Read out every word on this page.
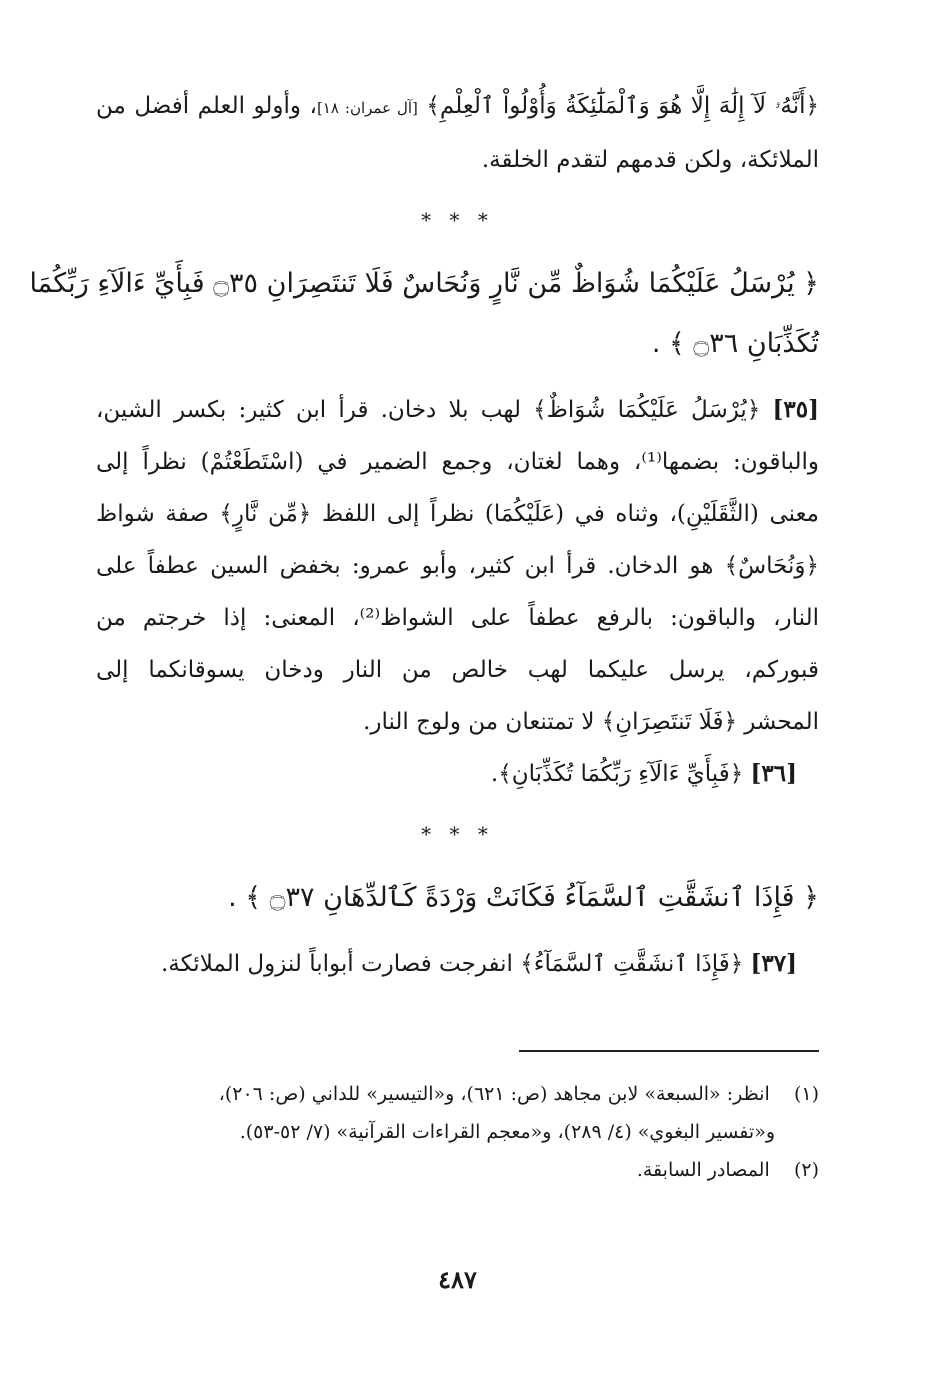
﴿أَنَّهُۥ لَآ إِلَٰهَ إِلَّا هُوَ وَٱلْمَلَٰٓئِكَةُ وَأُوْلُواْ ٱلْعِلْمِ﴾ [آل عمران: ١٨]، وأولو العلم أفضل من
الملائكة، ولكن قدمهم لتقدم الخلقة.
* * *
﴿ يُرْسَلُ عَلَيْكُمَا شُوَاظٌ مِّن نَّارٍ وَنُحَاسٌ فَلَا تَنتَصِرَانِ ۝٣٥ فَبِأَيِّ ءَالَآءِ رَبِّكُمَا
تُكَذِّبَانِ ۝٣٦ ﴾ .
[٣٥] ﴿يُرْسَلُ عَلَيْكُمَا شُوَاظٌ﴾ لهب بلا دخان. قرأ ابن كثير: بكسر الشين،
والباقون: بضمها⁽¹⁾، وهما لغتان، وجمع الضمير في (اسْتَطَعْتُمْ) نظراً إلى
معنى (الثَّقَلَيْنِ)، وثناه في (عَلَيْكُمَا) نظراً إلى اللفظ ﴿مِّن نَّارٍ﴾ صفة شواظ
﴿وَنُحَاسٌ﴾ هو الدخان. قرأ ابن كثير، وأبو عمرو: بخفض السين عطفاً على
النار، والباقون: بالرفع عطفاً على الشواظ⁽²⁾، المعنى: إذا خرجتم من
قبوركم، يرسل عليكما لهب خالص من النار ودخان يسوقانكما إلى
المحشر ﴿فَلَا تَنتَصِرَانِ﴾ لا تمتنعان من ولوج النار.
[٣٦] ﴿فَبِأَيِّ ءَالَآءِ رَبِّكُمَا تُكَذِّبَانِ﴾.
* * *
﴿ فَإِذَا ٱنشَقَّتِ ٱلسَّمَآءُ فَكَانَتْ وَرْدَةً كَٱلدِّهَانِ ۝٣٧ ﴾ .
[٣٧] ﴿فَإِذَا ٱنشَقَّتِ ٱلسَّمَآءُ﴾ انفرجت فصارت أبواباً لنزول الملائكة.
(١)    انظر: «السبعة» لابن مجاهد (ص: ٦٢١)، و«التيسير» للداني (ص: ٢٠٦)،
و«تفسير البغوي» (٤/ ٢٨٩)، و«معجم القراءات القرآنية» (٧/ ٥٢-٥٣).
(٢)    المصادر السابقة.
٤٨٧
